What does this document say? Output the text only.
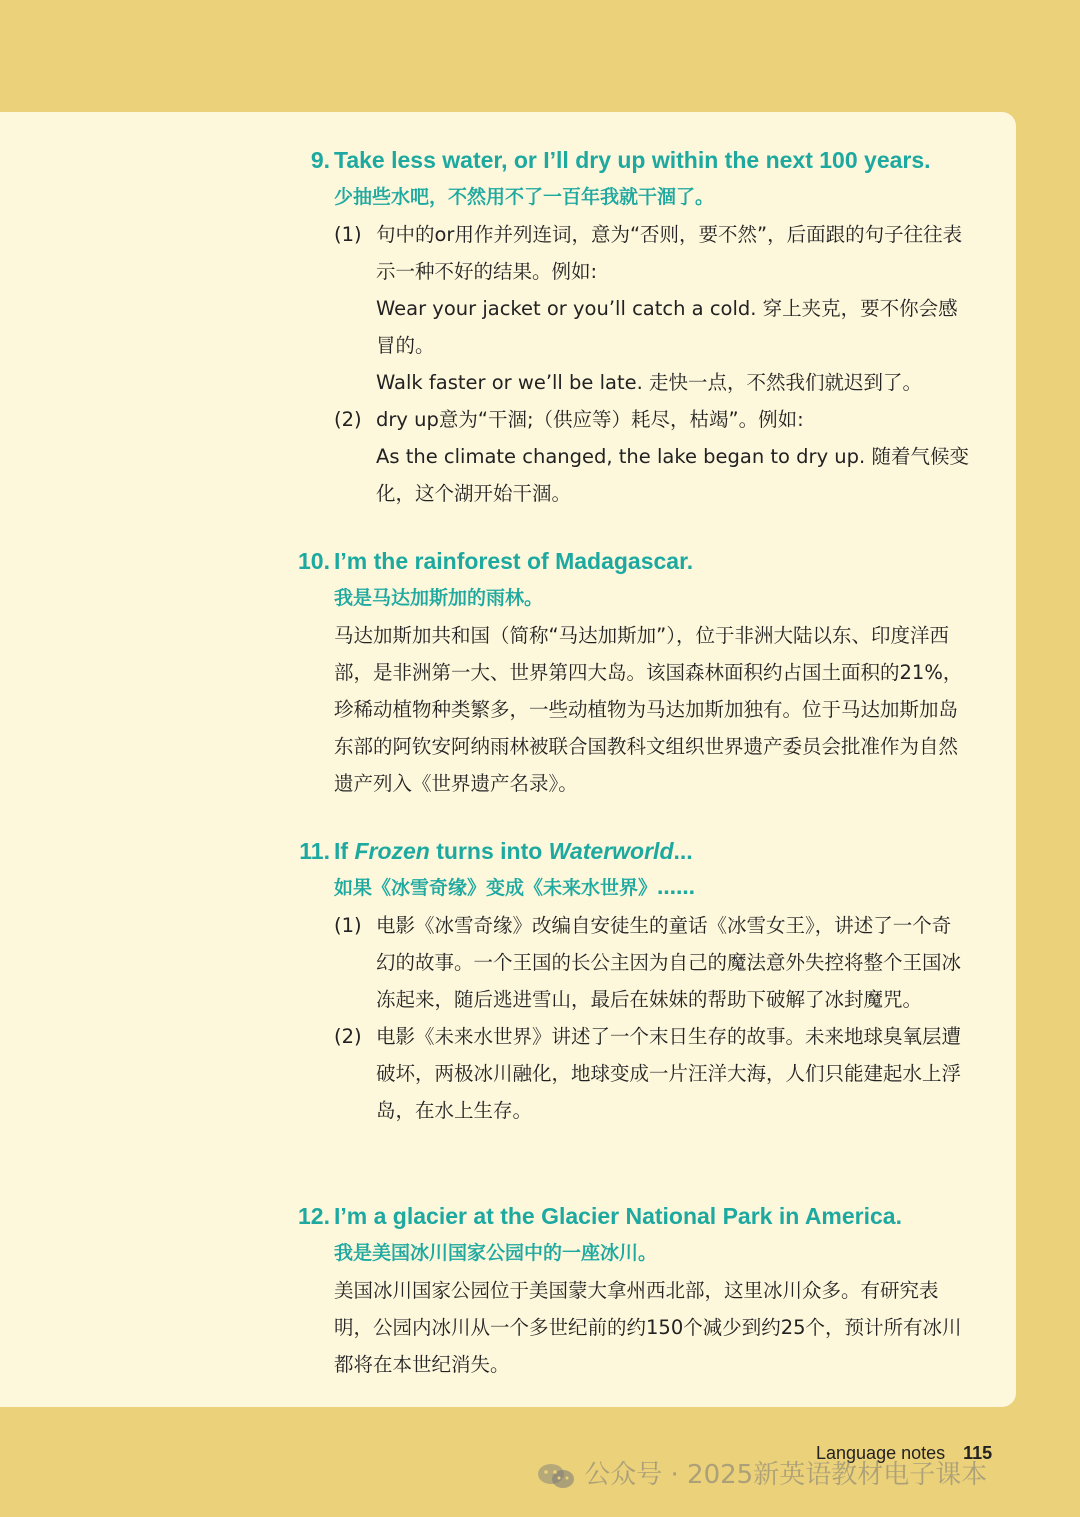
9. Take less water, or I’ll dry up within the next 100 years.
少抽些水吧，不然用不了一百年我就干涸了。
(1) 句中的or用作并列连词，意为“否则，要不然”，后面跟的句子往往表示一种不好的结果。例如:

Wear your jacket or you’ll catch a cold. 穿上夹克，要不你会感冒的。

Walk faster or we’ll be late. 走快一点，不然我们就迟到了。

(2) dry up意为“干涸;（供应等）耗尽，枯竭”。例如:

As the climate changed, the lake began to dry up. 随着气候变化，这个湖开始干涸。

10. I’m the rainforest of Madagascar.
我是马达加斯加的雨林。

马达加斯加共和国（简称“马达加斯加”），位于非洲大陆以东、印度洋西部，是非洲第一大、世界第四大岛。该国森林面积约占国土面积的21%，珍稀动植物种类繁多，一些动植物为马达加斯加独有。位于马达加斯加岛东部的阿钦安阿纳雨林被联合国教科文组织世界遗产委员会批准作为自然遗产列入《世界遗产名录》。

11. If Frozen turns into Waterworld...
如果《冰雪奇缘》变成《未来水世界》……
(1) 电影《冰雪奇缘》改编自安徒生的童话《冰雪女王》，讲述了一个奇幻的故事。一个王国的长公主因为自己的魔法意外失控将整个王国冰冻起来，随后逃进雪山，最后在妹妹的帮助下破解了冰封魔咒。

(2) 电影《未来水世界》讲述了一个末日生存的故事。未来地球臭氧层遭破坏，两极冰川融化，地球变成一片汪洋大海，人们只能建起水上浮岛，在水上生存。

12. I’m a glacier at the Glacier National Park in America.
我是美国冰川国家公园中的一座冰川。

美国冰川国家公园位于美国蒙大拿州西北部，这里冰川众多。有研究表明，公园内冰川从一个多世纪前的约150个减少到约25个，预计所有冰川都将在本世纪消失。

Language notes 115
公众号 · 2025新英语教材电子课本
